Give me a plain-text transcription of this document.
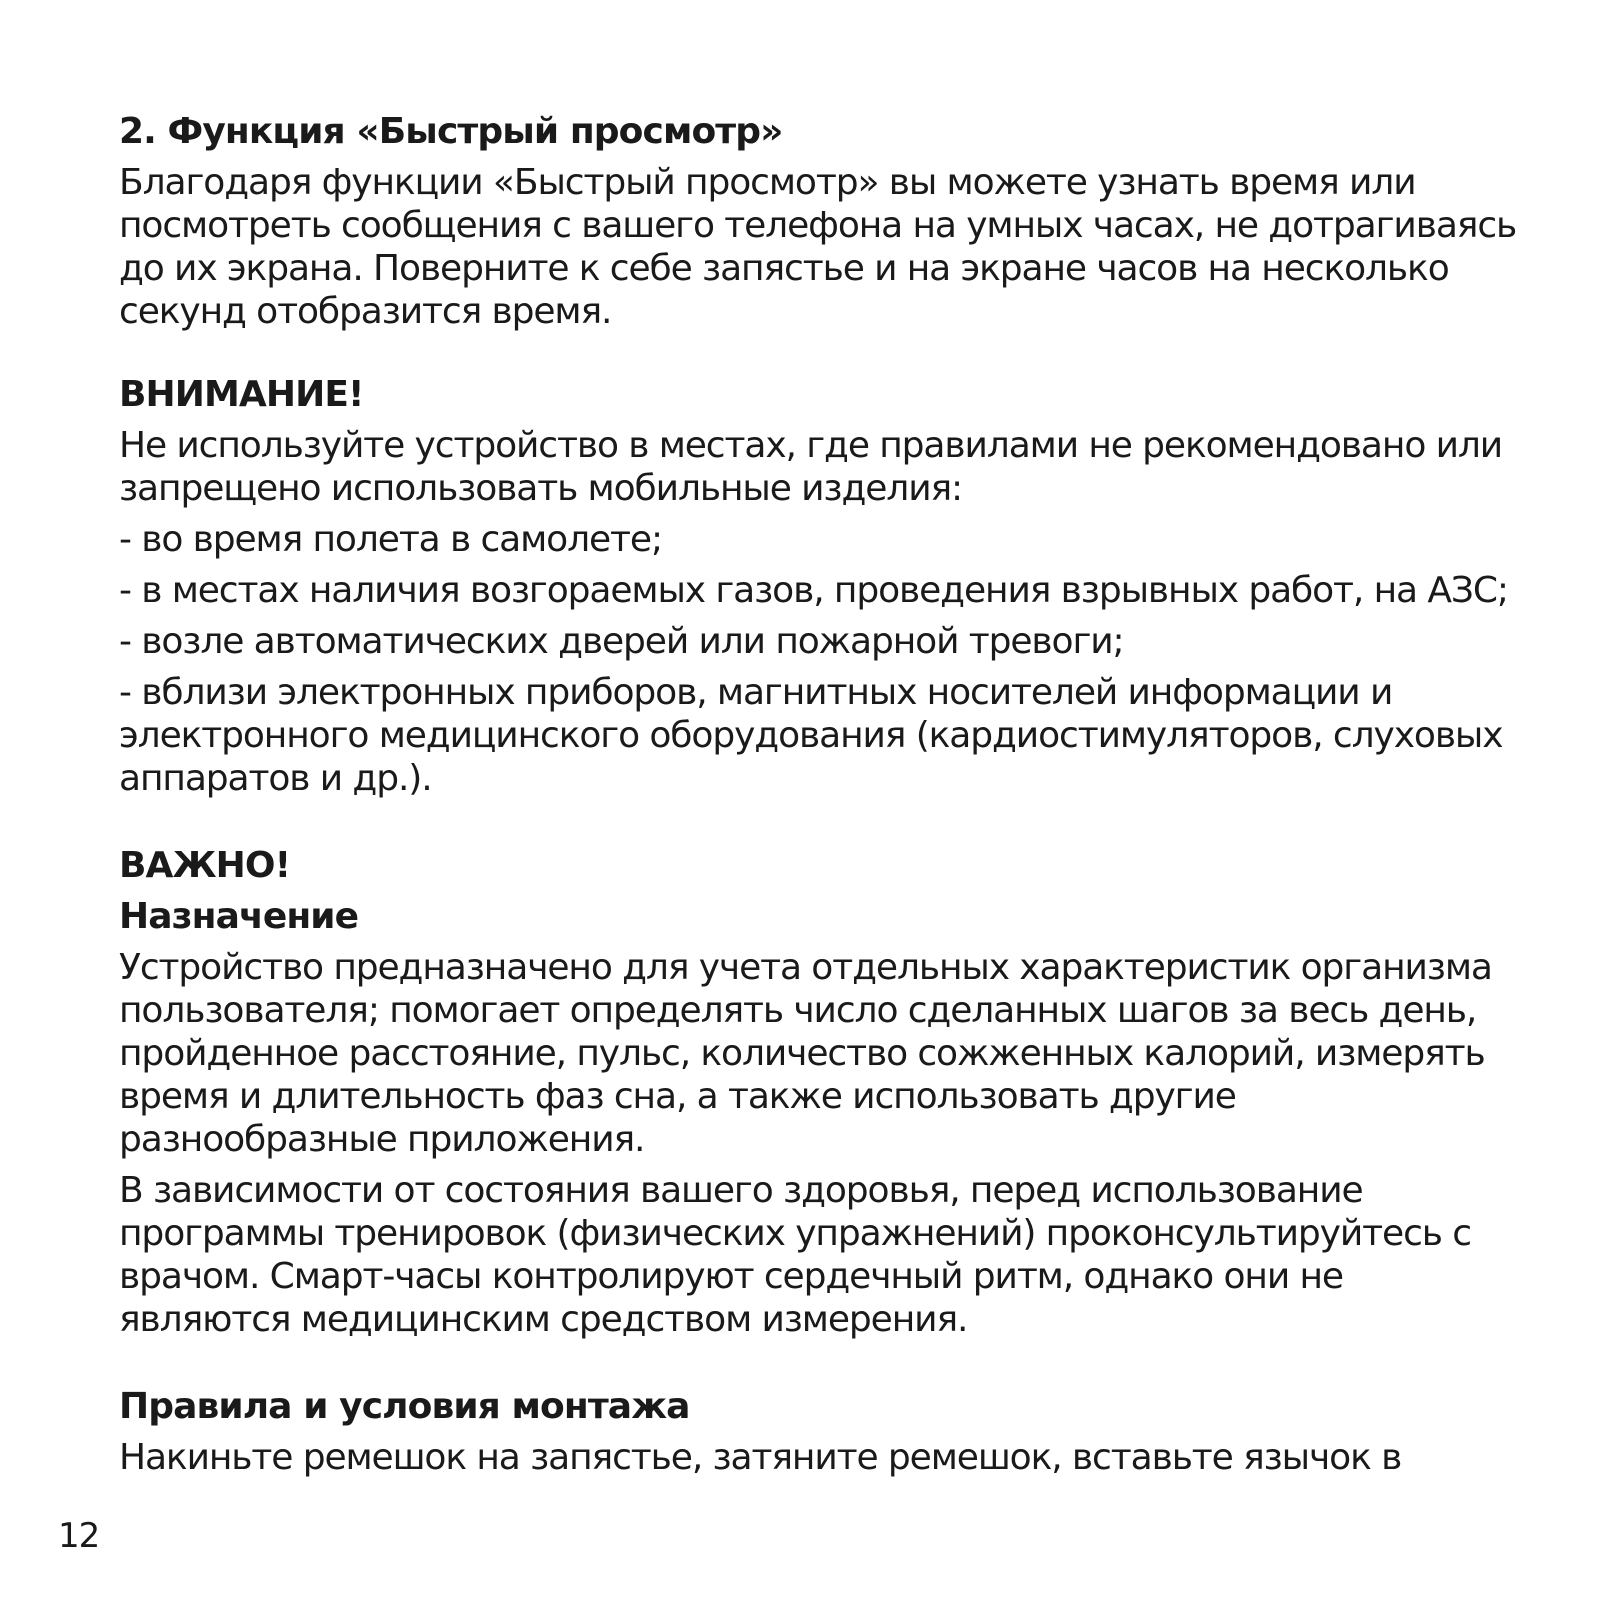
2. Функция «Быстрый просмотр»
Благодаря функции «Быстрый просмотр» вы можете узнать время или
посмотреть сообщения с вашего телефона на умных часах, не дотрагиваясь
до их экрана. Поверните к себе запястье и на экране часов на несколько
секунд отобразится время.
ВНИМАНИЕ!
Не используйте устройство в местах, где правилами не рекомендовано или
запрещено использовать мобильные изделия:
- во время полета в самолете;
- в местах наличия возгораемых газов, проведения взрывных работ, на АЗС;
- возле автоматических дверей или пожарной тревоги;
- вблизи электронных приборов, магнитных носителей информации и
электронного медицинского оборудования (кардиостимуляторов, слуховых
аппаратов и др.).
ВАЖНО!
Назначение
Устройство предназначено для учета отдельных характеристик организма
пользователя; помогает определять число сделанных шагов за весь день,
пройденное расстояние, пульс, количество сожженных калорий, измерять
время и длительность фаз сна, а также использовать другие
разнообразные приложения.
В зависимости от состояния вашего здоровья, перед использование
программы тренировок (физических упражнений) проконсультируйтесь с
врачом. Смарт-часы контролируют сердечный ритм, однако они не
являются медицинским средством измерения.
Правила и условия монтажа
Накиньте ремешок на запястье, затяните ремешок, вставьте язычок в
12
